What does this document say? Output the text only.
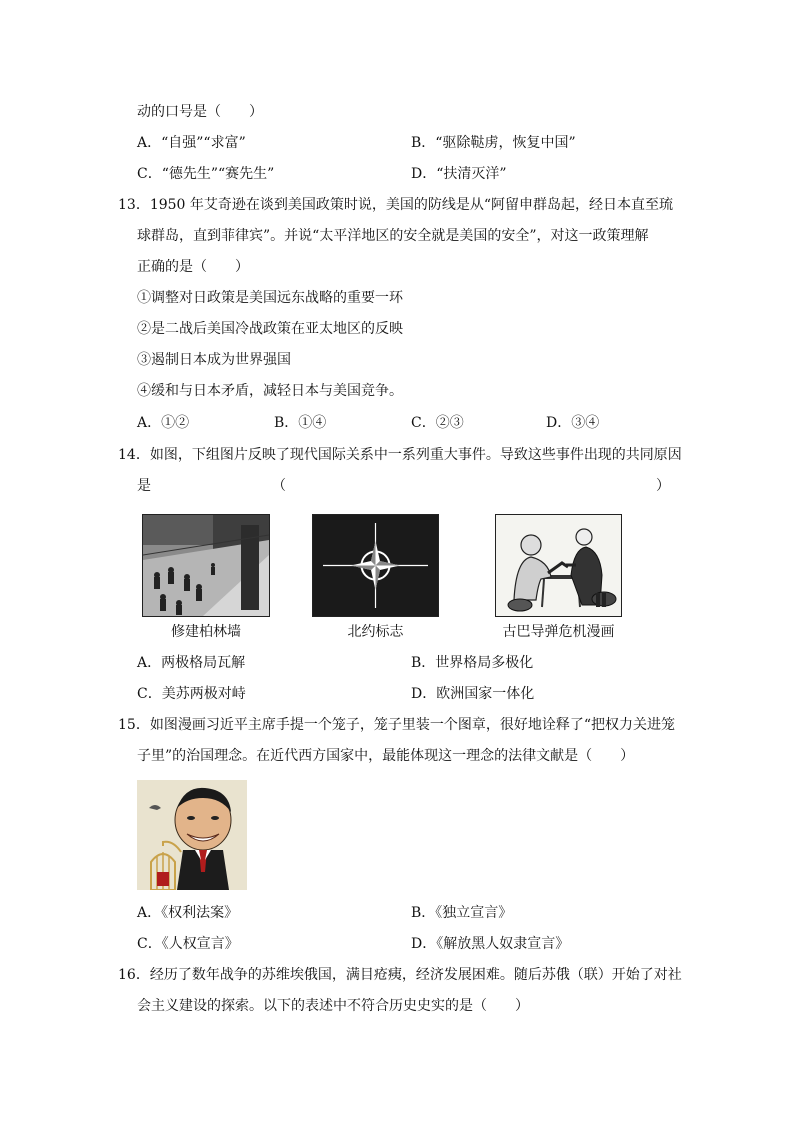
动的口号是（　　）
A．“自强”“求富”	B．“驱除鞑虏，恢复中国”
C．“德先生”“赛先生”	D．“扶清灭洋”
13．1950 年艾奇逊在谈到美国政策时说，美国的防线是从“阿留申群岛起，经日本直至琉
球群岛，直到菲律宾”。并说“太平洋地区的安全就是美国的安全”，对这一政策理解
正确的是（　　）
①调整对日政策是美国远东战略的重要一环
②是二战后美国冷战政策在亚太地区的反映
③遏制日本成为世界强国
④缓和与日本矛盾，减轻日本与美国竞争。
A．①②	B．①④	C．②③	D．③④
14．如图，下组图片反映了现代国际关系中一系列重大事件。导致这些事件出现的共同原因
是	（	）
修建柏林墙	北约标志	古巴导弹危机漫画
A．两极格局瓦解	B．世界格局多极化
C．美苏两极对峙	D．欧洲国家一体化
15．如图漫画习近平主席手提一个笼子，笼子里装一个图章，很好地诠释了“把权力关进笼
子里”的治国理念。在近代西方国家中，最能体现这一理念的法律文献是（　　）
A．《权利法案》	B．《独立宣言》
C．《人权宣言》	D．《解放黑人奴隶宣言》
16．经历了数年战争的苏维埃俄国，满目疮痍，经济发展困难。随后苏俄（联）开始了对社
会主义建设的探索。以下的表述中不符合历史史实的是（　　）
